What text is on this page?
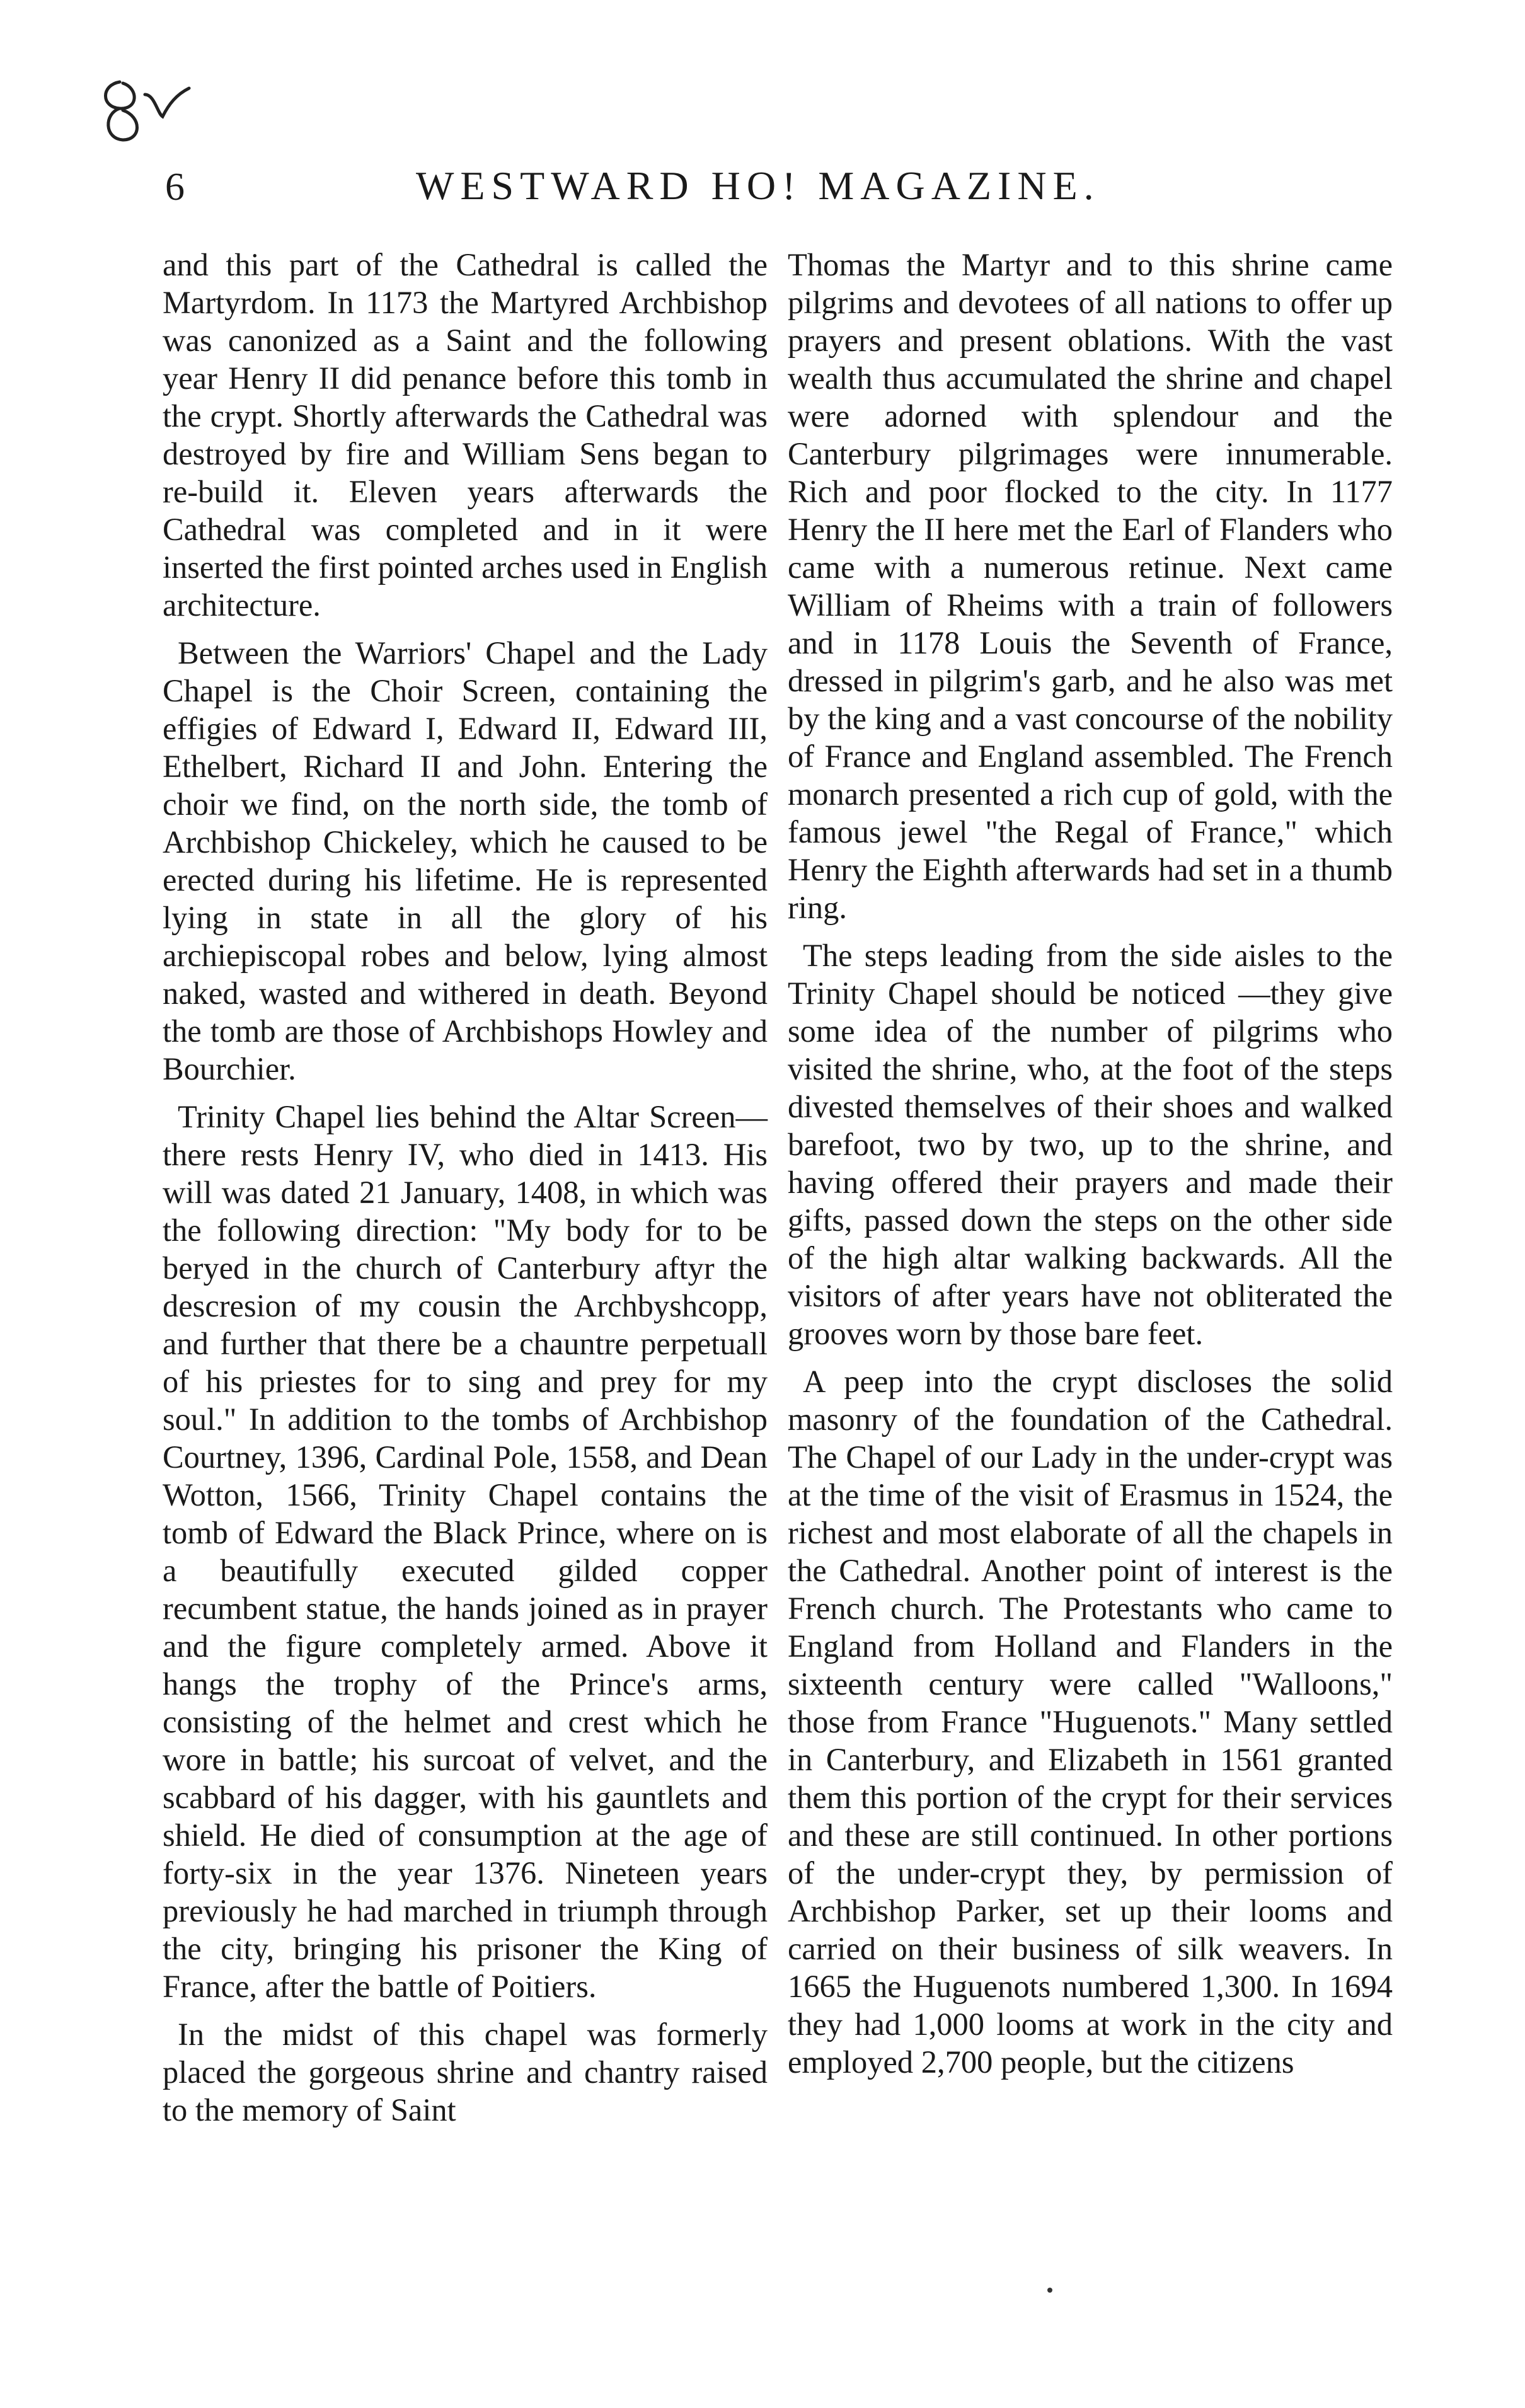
6	WESTWARD HO! MAGAZINE.

and this part of the Cathedral is called the Martyrdom. In 1173 the Martyred Archbishop was canonized as a Saint and the following year Henry II did penance before this tomb in the crypt. Shortly afterwards the Cathedral was destroyed by fire and William Sens began to re-build it. Eleven years afterwards the Cathedral was completed and in it were inserted the first pointed arches used in English architecture.

Between the Warriors' Chapel and the Lady Chapel is the Choir Screen, containing the effigies of Edward I, Edward II, Edward III, Ethelbert, Richard II and John. Entering the choir we find, on the north side, the tomb of Archbishop Chickeley, which he caused to be erected during his lifetime. He is represented lying in state in all the glory of his archiepiscopal robes and below, lying almost naked, wasted and withered in death. Beyond the tomb are those of Archbishops Howley and Bourchier.

Trinity Chapel lies behind the Altar Screen—there rests Henry IV, who died in 1413. His will was dated 21 January, 1408, in which was the following direction: "My body for to be beryed in the church of Canterbury aftyr the descresion of my cousin the Archbyshcopp, and further that there be a chauntre perpetuall of his priestes for to sing and prey for my soul." In addition to the tombs of Archbishop Courtney, 1396, Cardinal Pole, 1558, and Dean Wotton, 1566, Trinity Chapel contains the tomb of Edward the Black Prince, where on is a beautifully executed gilded copper recumbent statue, the hands joined as in prayer and the figure completely armed. Above it hangs the trophy of the Prince's arms, consisting of the helmet and crest which he wore in battle; his surcoat of velvet, and the scabbard of his dagger, with his gauntlets and shield. He died of consumption at the age of forty-six in the year 1376. Nineteen years previously he had marched in triumph through the city, bringing his prisoner the King of France, after the battle of Poitiers.

In the midst of this chapel was formerly placed the gorgeous shrine and chantry raised to the memory of Saint

Thomas the Martyr and to this shrine came pilgrims and devotees of all nations to offer up prayers and present oblations. With the vast wealth thus accumulated the shrine and chapel were adorned with splendour and the Canterbury pilgrimages were innumerable. Rich and poor flocked to the city. In 1177 Henry the II here met the Earl of Flanders who came with a numerous retinue. Next came William of Rheims with a train of followers and in 1178 Louis the Seventh of France, dressed in pilgrim's garb, and he also was met by the king and a vast concourse of the nobility of France and England assembled. The French monarch presented a rich cup of gold, with the famous jewel "the Regal of France," which Henry the Eighth afterwards had set in a thumb ring.

The steps leading from the side aisles to the Trinity Chapel should be noticed —they give some idea of the number of pilgrims who visited the shrine, who, at the foot of the steps divested themselves of their shoes and walked barefoot, two by two, up to the shrine, and having offered their prayers and made their gifts, passed down the steps on the other side of the high altar walking backwards. All the visitors of after years have not obliterated the grooves worn by those bare feet.

A peep into the crypt discloses the solid masonry of the foundation of the Cathedral. The Chapel of our Lady in the under-crypt was at the time of the visit of Erasmus in 1524, the richest and most elaborate of all the chapels in the Cathedral. Another point of interest is the French church. The Protestants who came to England from Holland and Flanders in the sixteenth century were called "Walloons," those from France "Huguenots." Many settled in Canterbury, and Elizabeth in 1561 granted them this portion of the crypt for their services and these are still continued. In other portions of the under-crypt they, by permission of Archbishop Parker, set up their looms and carried on their business of silk weavers. In 1665 the Huguenots numbered 1,300. In 1694 they had 1,000 looms at work in the city and employed 2,700 people, but the citizens
